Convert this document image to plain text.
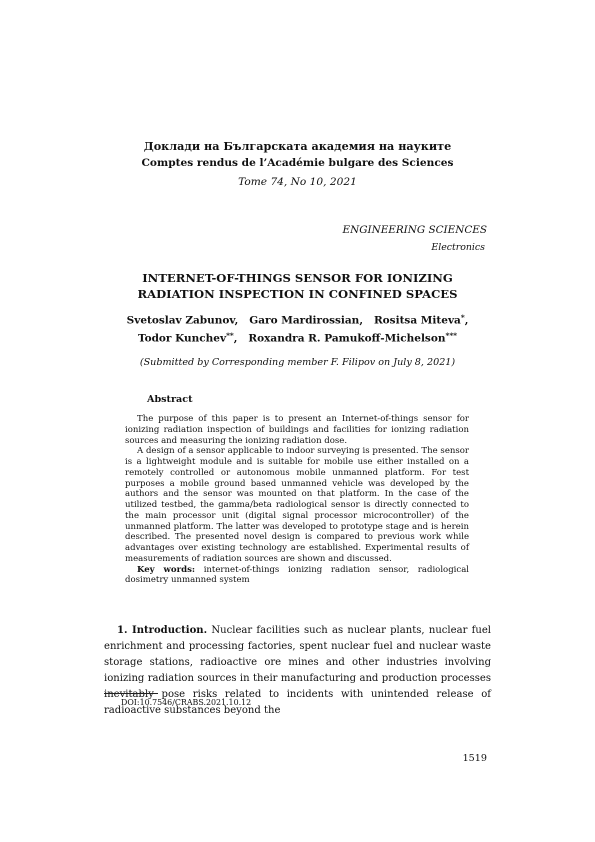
Доклади на Българската академия на науките
Comptes rendus de l’Académie bulgare des Sciences
Tome 74, No 10, 2021
ENGINEERING SCIENCES
Electronics
INTERNET-OF-THINGS SENSOR FOR IONIZING
RADIATION INSPECTION IN CONFINED SPACES
Svetoslav Zabunov, Garo Mardirossian, Rositsa Miteva*,
Todor Kunchev**, Roxandra R. Pamukoff-Michelson***
(Submitted by Corresponding member F. Filipov on July 8, 2021)
Abstract

The purpose of this paper is to present an Internet-of-things sensor for ionizing radiation inspection of buildings and facilities for ionizing radiation sources and measuring the ionizing radiation dose.

A design of a sensor applicable to indoor surveying is presented. The sensor is a lightweight module and is suitable for mobile use either installed on a remotely controlled or autonomous mobile unmanned platform. For test purposes a mobile ground based unmanned vehicle was developed by the authors and the sensor was mounted on that platform. In the case of the utilized testbed, the gamma/beta radiological sensor is directly connected to the main processor unit (digital signal processor microcontroller) of the unmanned platform. The latter was developed to prototype stage and is herein described. The presented novel design is compared to previous work while advantages over existing technology are established. Experimental results of measurements of radiation sources are shown and discussed.

Key words: internet-of-things ionizing radiation sensor, radiological dosimetry unmanned system

1. Introduction. Nuclear facilities such as nuclear plants, nuclear fuel enrichment and processing factories, spent nuclear fuel and nuclear waste storage stations, radioactive ore mines and other industries involving ionizing radiation sources in their manufacturing and production processes inevitably pose risks related to incidents with unintended release of radioactive substances beyond the

DOI:10.7546/CRABS.2021.10.12
1519
